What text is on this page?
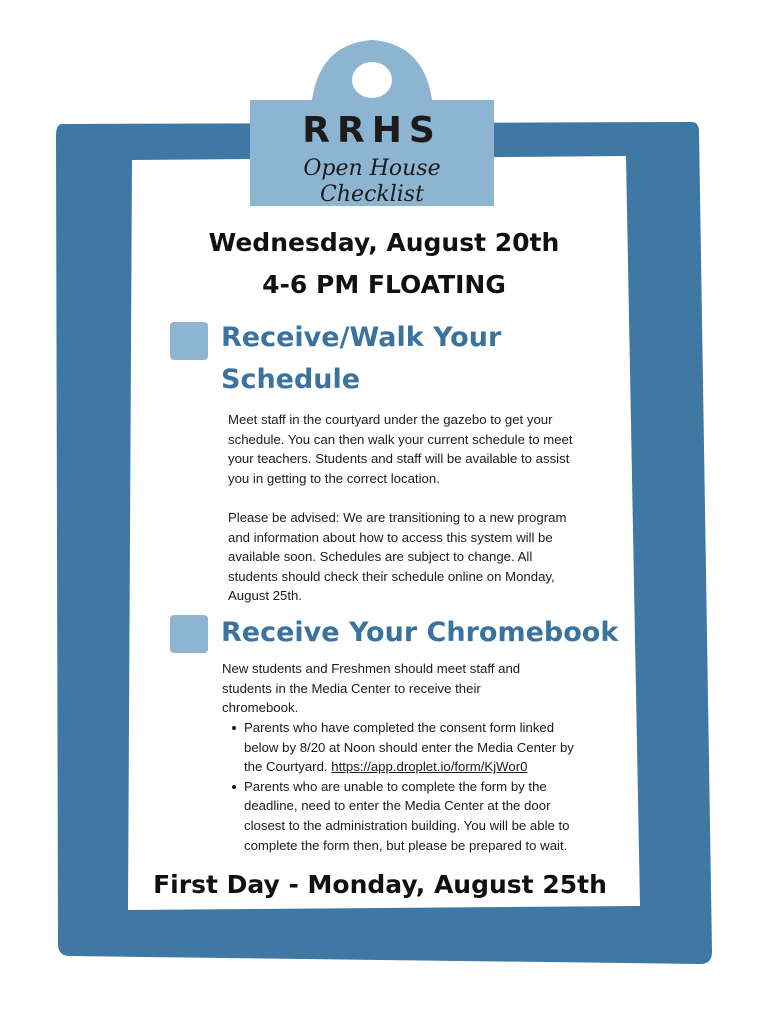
RRHS
Open House Checklist
Wednesday, August 20th
4-6 PM FLOATING
Receive/Walk Your
Schedule

Meet staff in the courtyard under the gazebo to get your schedule. You can then walk your current schedule to meet your teachers. Students and staff will be available to assist you in getting to the correct location.

Please be advised: We are transitioning to a new program and information about how to access this system will be available soon. Schedules are subject to change. All students should check their schedule online on Monday, August 25th.

Receive Your Chromebook
New students and Freshmen should meet staff and students in the Media Center to receive their chromebook.
Parents who have completed the consent form linked below by 8/20 at Noon should enter the Media Center by the Courtyard. https://app.droplet.io/form/KjWor0
Parents who are unable to complete the form by the deadline, need to enter the Media Center at the door closest to the administration building. You will be able to complete the form then, but please be prepared to wait.
First Day - Monday, August 25th
